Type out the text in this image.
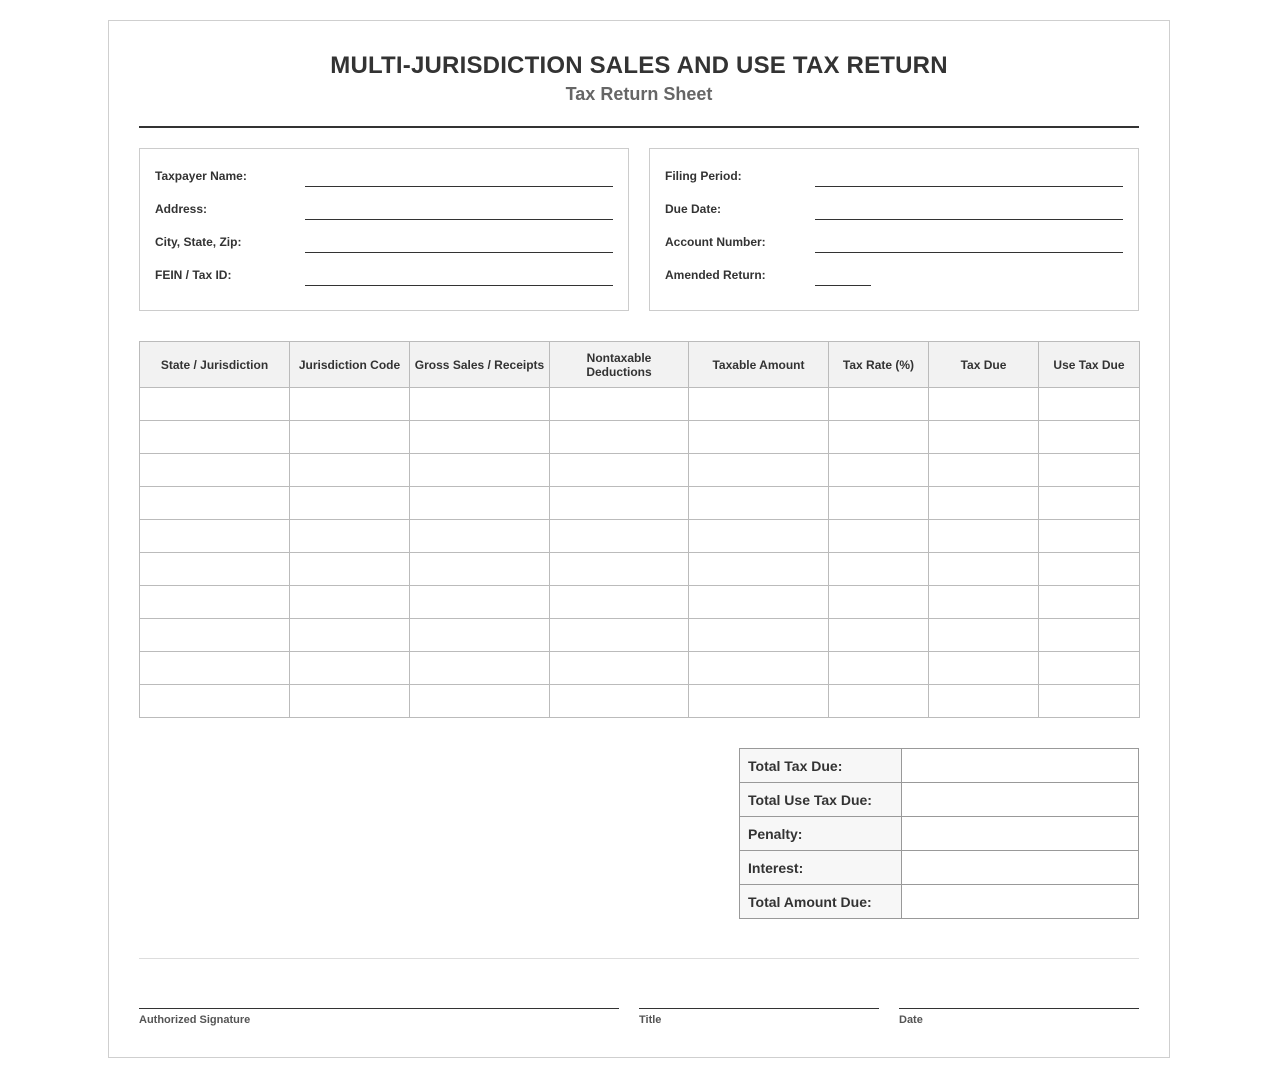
MULTI-JURISDICTION SALES AND USE TAX RETURN
Tax Return Sheet
Taxpayer Name:
Address:
City, State, Zip:
FEIN / Tax ID:
Filing Period:
Due Date:
Account Number:
Amended Return:
State / Jurisdiction	Jurisdiction Code	Gross Sales / Receipts	Nontaxable Deductions	Taxable Amount	Tax Rate (%)	Tax Due	Use Tax Due

Total Tax Due:	
Total Use Tax Due:	
Penalty:	
Interest:	
Total Amount Due:	
Authorized Signature	Title	Date
